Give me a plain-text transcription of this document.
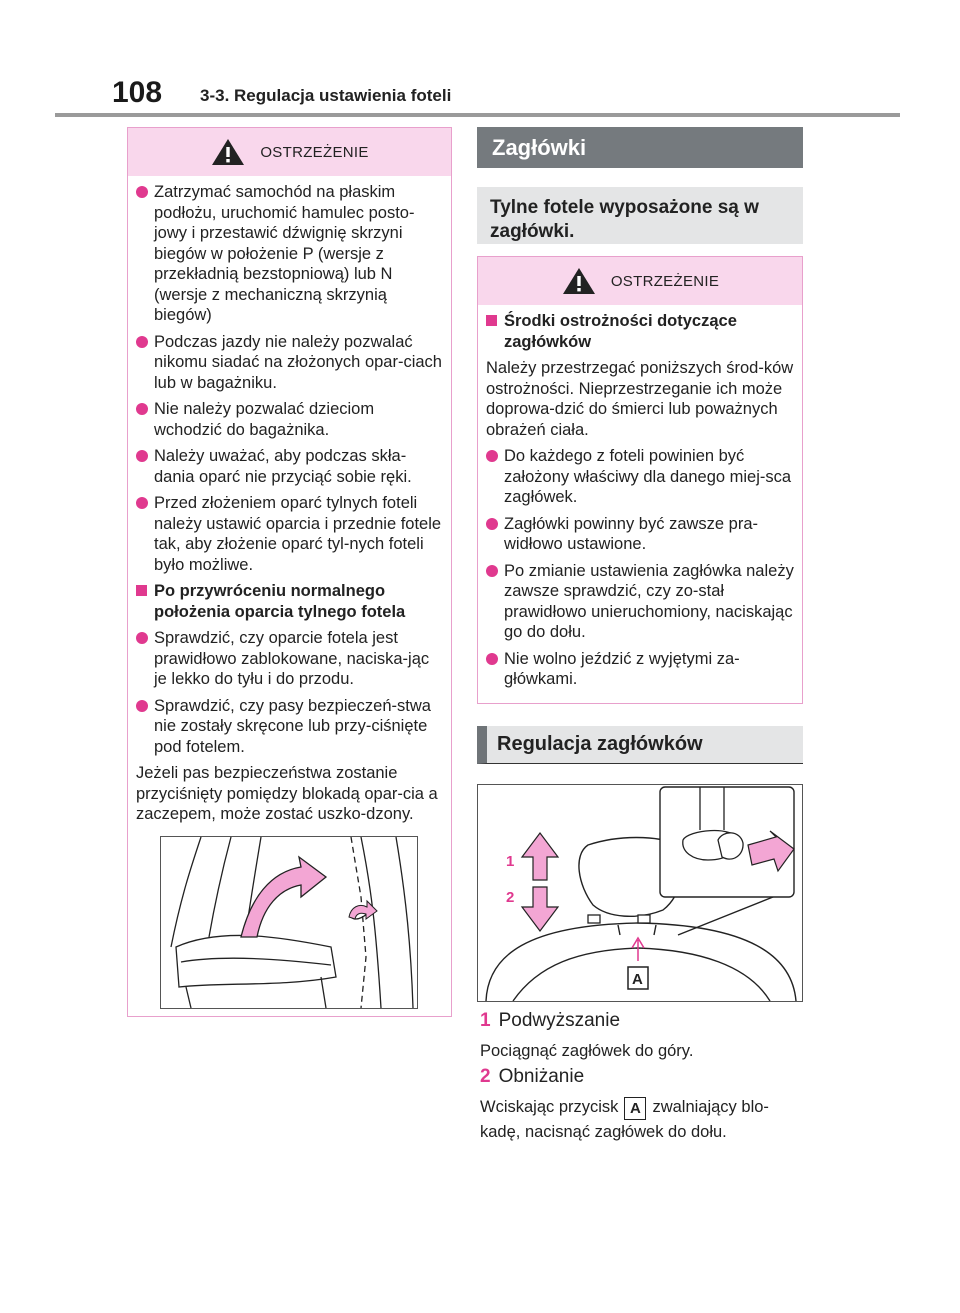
108 3-3. Regulacja ustawienia foteli
OSTRZEŻENIE
Zatrzymać samochód na płaskim podłożu, uruchomić hamulec posto-jowy i przestawić dźwignię skrzyni biegów w położenie P (wersje z przekładnią bezstopniową) lub N (wersje z mechaniczną skrzynią biegów)
Podczas jazdy nie należy pozwalać nikomu siadać na złożonych opar-ciach lub w bagażniku.
Nie należy pozwalać dzieciom wchodzić do bagażnika.
Należy uważać, aby podczas skła-dania oparć nie przyciąć sobie ręki.
Przed złożeniem oparć tylnych foteli należy ustawić oparcia i przednie fotele tak, aby złożenie oparć tyl-nych foteli było możliwe.
Po przywróceniu normalnego położenia oparcia tylnego fotela
Sprawdzić, czy oparcie fotela jest prawidłowo zablokowane, naciska-jąc je lekko do tyłu i do przodu.
Sprawdzić, czy pasy bezpieczeń-stwa nie zostały skręcone lub przy-ciśnięte pod fotelem.
Jeżeli pas bezpieczeństwa zostanie przyciśnięty pomiędzy blokadą opar-cia a zaczepem, może zostać uszko-dzony.
Zagłówki
Tylne fotele wyposażone są w zagłówki.
OSTRZEŻENIE
Środki ostrożności dotyczące zagłówków
Należy przestrzegać poniższych środ-ków ostrożności. Nieprzestrzeganie ich może doprowa-dzić do śmierci lub poważnych obrażeń ciała.
Do każdego z foteli powinien być założony właściwy dla danego miej-sca zagłówek.
Zagłówki powinny być zawsze pra-widłowo ustawione.
Po zmianie ustawienia zagłówka należy zawsze sprawdzić, czy zo-stał prawidłowo unieruchomiony, naciskając go do dołu.
Nie wolno jeździć z wyjętymi za-główkami.
Regulacja zagłówków
1
2
A
1 Podwyższanie
Pociągnąć zagłówek do góry.
2 Obniżanie
Wciskając przycisk A zwalniający blo-kadę, nacisnąć zagłówek do dołu.
